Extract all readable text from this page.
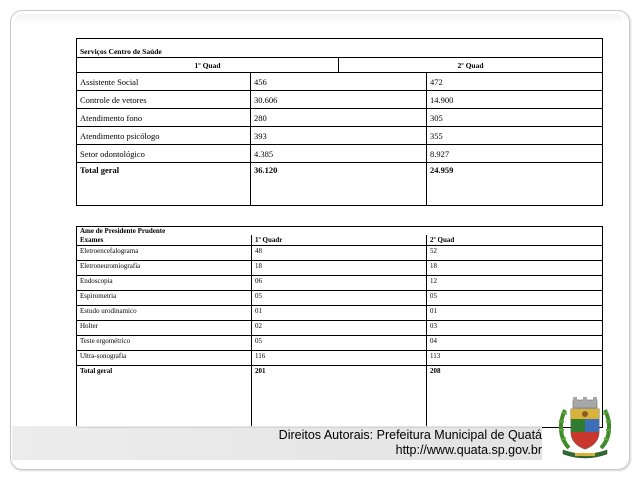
Serviços Centro de Saúde			
1º Quad		2º Quad	
Assistente Social	456		472
Controle de vetores	30.606		14.900
Atendimento fono	280		305
Atendimento psicólogo	393		355
Setor odontológico	4.385		8.927
Total geral	36.120		24.959
Ame de Presidente Prudente		
Exames	1º Quadr	2º Quad
Eletroencefalograma	48	52
Eletroneuromiografia	18	18
Endoscopia	06	12
Espirometria	05	05
Estudo urodinamico	01	01
Holter	02	03
Teste ergométrico	05	04
Ultra-sonografia	116	113
Total geral	201	208
Direitos Autorais: Prefeitura Municipal de Quatá
http://www.quata.sp.gov.br
